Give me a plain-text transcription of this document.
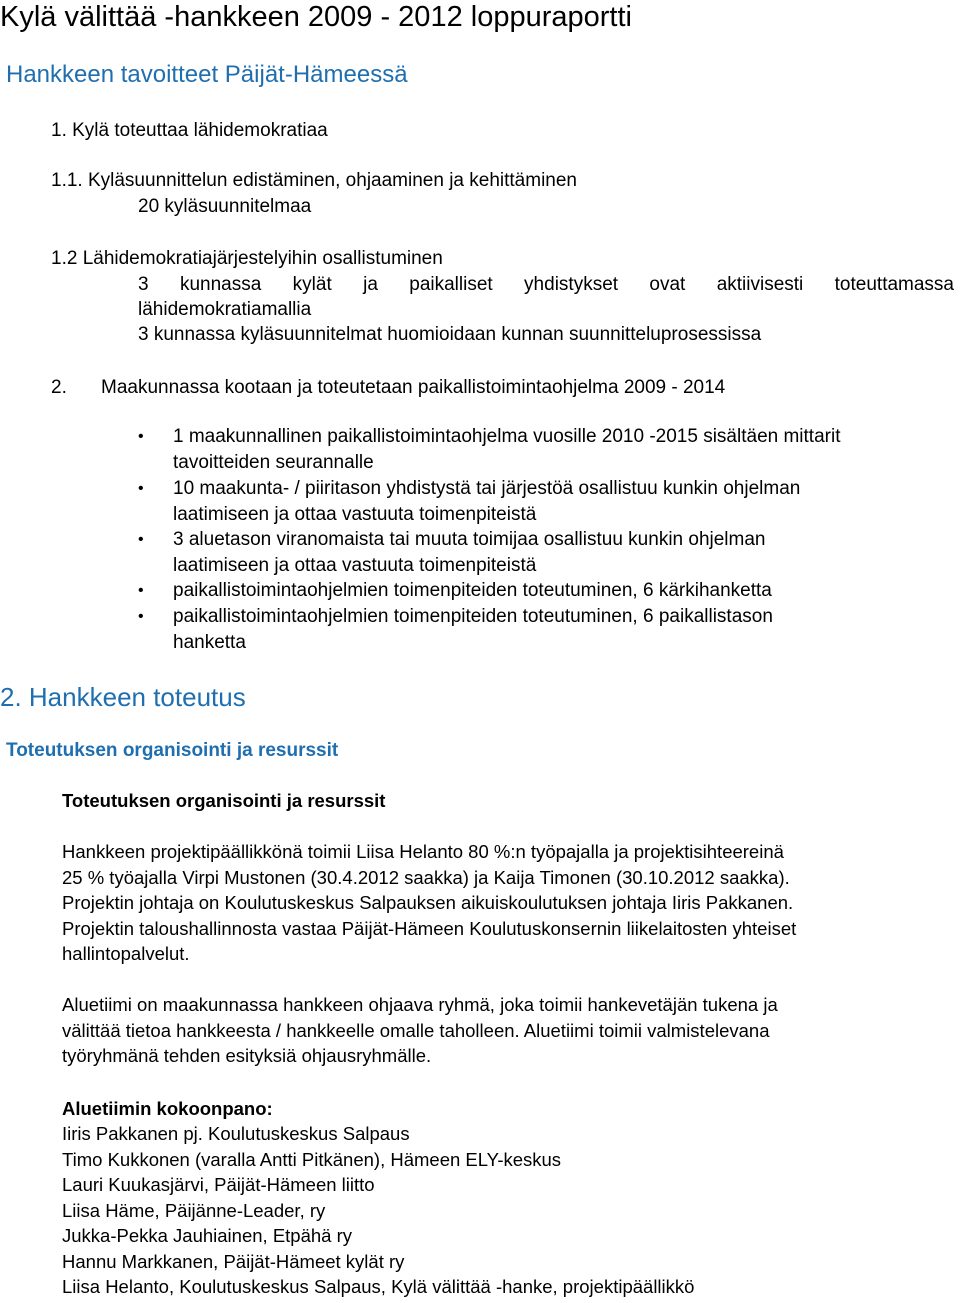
Kylä välittää -hankkeen 2009 - 2012 loppuraportti
Hankkeen tavoitteet Päijät-Hämeessä
1. Kylä toteuttaa lähidemokratiaa
1.1. Kyläsuunnittelun edistäminen, ohjaaminen ja kehittäminen
20 kyläsuunnitelmaa
1.2 Lähidemokratiajärjestelyihin osallistuminen
3 kunnassa kylät ja paikalliset yhdistykset ovat aktiivisesti toteuttamassa
lähidemokratiamallia
3 kunnassa kyläsuunnitelmat huomioidaan kunnan suunnitteluprosessissa
2. Maakunnassa kootaan ja toteutetaan paikallistoimintaohjelma 2009 - 2014
• 1 maakunnallinen paikallistoimintaohjelma vuosille 2010 -2015 sisältäen mittarit
tavoitteiden seurannalle
• 10 maakunta- / piiritason yhdistystä tai järjestöä osallistuu kunkin ohjelman
laatimiseen ja ottaa vastuuta toimenpiteistä
• 3 aluetason viranomaista tai muuta toimijaa osallistuu kunkin ohjelman
laatimiseen ja ottaa vastuuta toimenpiteistä
• paikallistoimintaohjelmien toimenpiteiden toteutuminen, 6 kärkihanketta
• paikallistoimintaohjelmien toimenpiteiden toteutuminen, 6 paikallistason
hanketta
2. Hankkeen toteutus
Toteutuksen organisointi ja resurssit
Toteutuksen organisointi ja resurssit
Hankkeen projektipäällikkönä toimii Liisa Helanto 80 %:n työpajalla ja projektisihteereinä
25 % työajalla Virpi Mustonen (30.4.2012 saakka) ja Kaija Timonen (30.10.2012 saakka).
Projektin johtaja on Koulutuskeskus Salpauksen aikuiskoulutuksen johtaja Iiris Pakkanen.
Projektin taloushallinnosta vastaa Päijät-Hämeen Koulutuskonsernin liikelaitosten yhteiset
hallintopalvelut.
Aluetiimi on maakunnassa hankkeen ohjaava ryhmä, joka toimii hankevetäjän tukena ja
välittää tietoa hankkeesta / hankkeelle omalle taholleen. Aluetiimi toimii valmistelevana
työryhmänä tehden esityksiä ohjausryhmälle.
Aluetiimin kokoonpano:
Iiris Pakkanen pj. Koulutuskeskus Salpaus
Timo Kukkonen (varalla Antti Pitkänen), Hämeen ELY-keskus
Lauri Kuukasjärvi, Päijät-Hämeen liitto
Liisa Häme, Päijänne-Leader, ry
Jukka-Pekka Jauhiainen, Etpähä ry
Hannu Markkanen, Päijät-Hämeet kylät ry
Liisa Helanto, Koulutuskeskus Salpaus, Kylä välittää -hanke, projektipäällikkö
